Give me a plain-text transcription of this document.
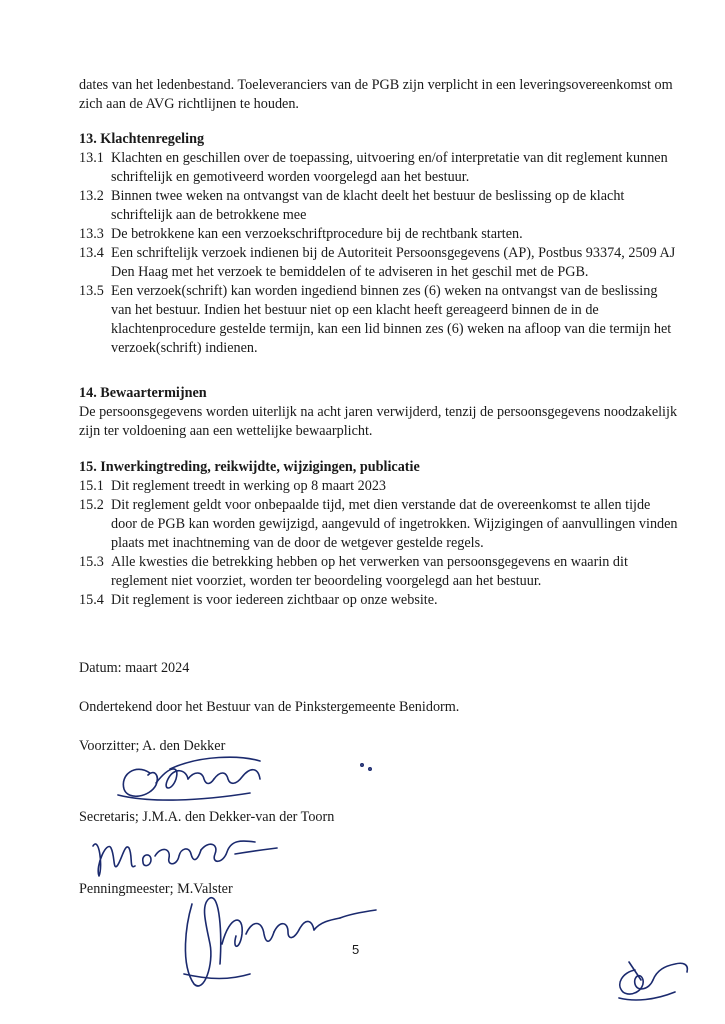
dates van het ledenbestand. Toeleveranciers van de PGB zijn verplicht in een leveringsovereenkomst om zich aan de AVG richtlijnen te houden.

13. Klachtenregeling

13.1 Klachten en geschillen over de toepassing, uitvoering en/of interpretatie van dit reglement kunnen schriftelijk en gemotiveerd worden voorgelegd aan het bestuur.

13.2 Binnen twee weken na ontvangst van de klacht deelt het bestuur de beslissing op de klacht schriftelijk aan de betrokkene mee

13.3 De betrokkene kan een verzoekschriftprocedure bij de rechtbank starten.

13.4 Een schriftelijk verzoek indienen bij de Autoriteit Persoonsgegevens (AP), Postbus 93374, 2509 AJ Den Haag met het verzoek te bemiddelen of te adviseren in het geschil met de PGB.

13.5 Een verzoek(schrift) kan worden ingediend binnen zes (6) weken na ontvangst van de beslissing van het bestuur. Indien het bestuur niet op een klacht heeft gereageerd binnen de in de klachtenprocedure gestelde termijn, kan een lid binnen zes (6) weken na afloop van die termijn het verzoek(schrift) indienen.

14. Bewaartermijnen

De persoonsgegevens worden uiterlijk na acht jaren verwijderd, tenzij de persoonsgegevens noodzakelijk zijn ter voldoening aan een wettelijke bewaarplicht.

15. Inwerkingtreding, reikwijdte, wijzigingen, publicatie

15.1 Dit reglement treedt in werking op 8 maart 2023

15.2 Dit reglement geldt voor onbepaalde tijd, met dien verstande dat de overeenkomst te allen tijde door de PGB kan worden gewijzigd, aangevuld of ingetrokken. Wijzigingen of aanvullingen vinden plaats met inachtneming van de door de wetgever gestelde regels.

15.3 Alle kwesties die betrekking hebben op het verwerken van persoonsgegevens en waarin dit reglement niet voorziet, worden ter beoordeling voorgelegd aan het bestuur.

15.4 Dit reglement is voor iedereen zichtbaar op onze website.

Datum: maart 2024

Ondertekend door het Bestuur van de Pinkstergemeente Benidorm.

Voorzitter; A. den Dekker

Secretaris; J.M.A. den Dekker-van der Toorn

Penningmeester; M.Valster

5
